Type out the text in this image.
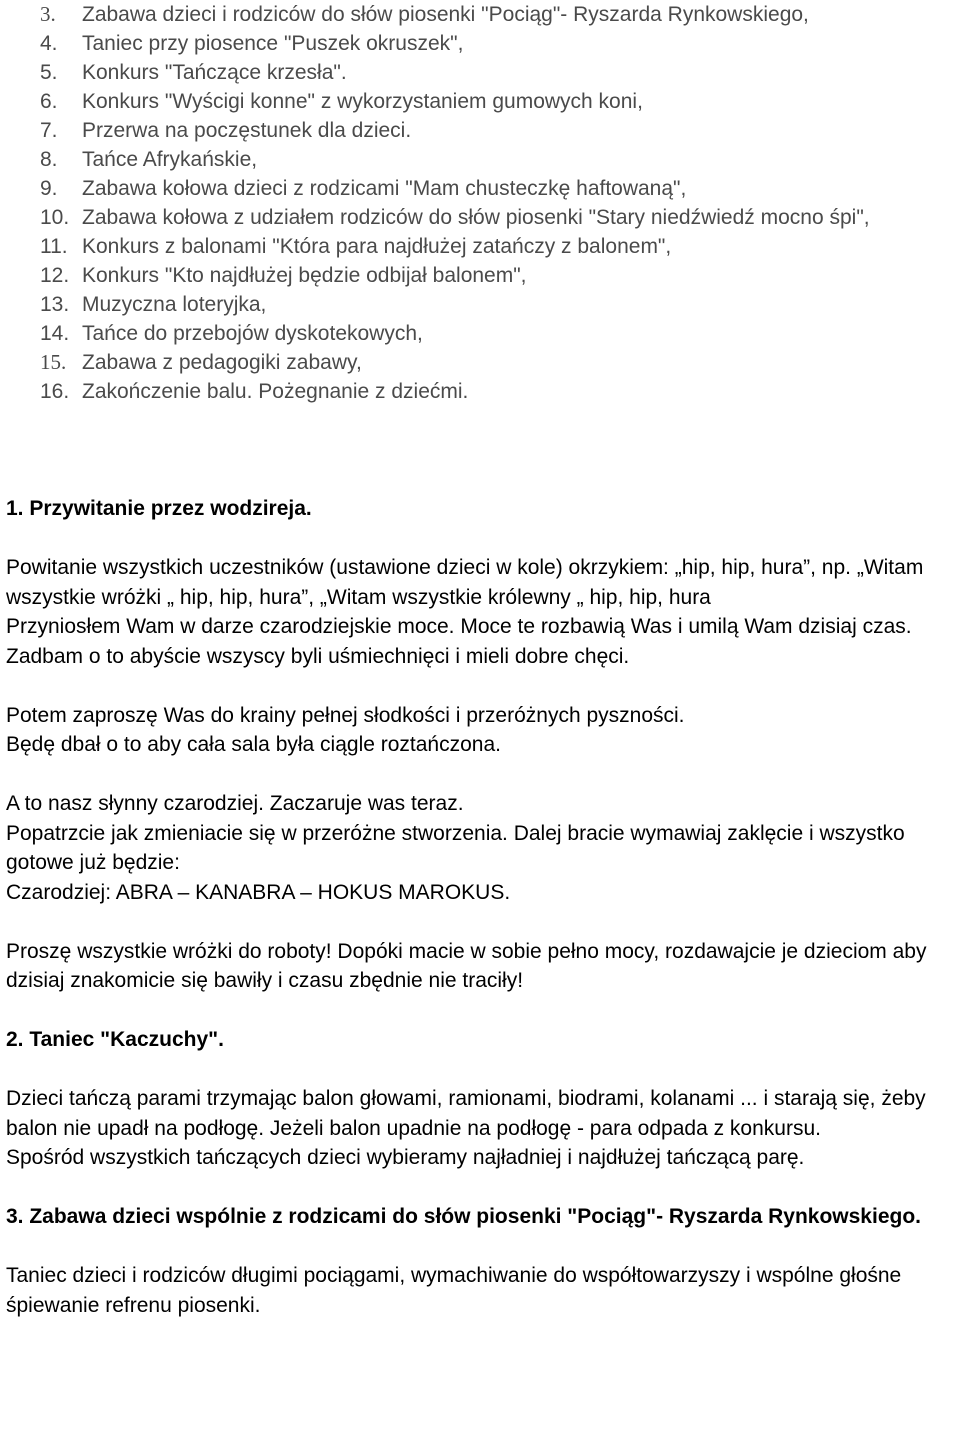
3. Zabawa dzieci i rodziców do słów piosenki "Pociąg"- Ryszarda Rynkowskiego,
4. Taniec przy piosence "Puszek okruszek",
5. Konkurs "Tańczące krzesła".
6. Konkurs "Wyścigi konne" z wykorzystaniem gumowych koni,
7. Przerwa na poczęstunek dla dzieci.
8. Tańce Afrykańskie,
9. Zabawa kołowa dzieci z rodzicami "Mam chusteczkę haftowaną",
10. Zabawa kołowa z udziałem rodziców do słów piosenki "Stary niedźwiedź mocno śpi",
11. Konkurs z balonami "Która para najdłużej zatańczy z balonem",
12. Konkurs "Kto najdłużej będzie odbijał balonem",
13. Muzyczna loteryjka,
14. Tańce do przebojów dyskotekowych,
15. Zabawa z pedagogiki zabawy,
16. Zakończenie balu. Pożegnanie z dziećmi.
1. Przywitanie przez wodzireja.

Powitanie wszystkich uczestników (ustawione dzieci w kole) okrzykiem: „hip, hip, hura”, np. „Witam wszystkie wróżki „ hip, hip, hura”, „Witam wszystkie królewny „ hip, hip, hura

Przyniosłem Wam w darze czarodziejskie moce. Moce te rozbawią Was i umilą Wam dzisiaj czas. Zadbam o to abyście wszyscy byli uśmiechnięci i mieli dobre chęci.

Potem zaproszę Was do krainy pełnej słodkości i przeróżnych pyszności.

Będę dbał o to aby cała sala była ciągle roztańczona.

A to nasz słynny czarodziej. Zaczaruje was teraz.

Popatrzcie jak zmieniacie się w przeróżne stworzenia. Dalej bracie wymawiaj zaklęcie i wszystko gotowe już będzie:

Czarodziej: ABRA – KANABRA – HOKUS MAROKUS.

Proszę wszystkie wróżki do roboty! Dopóki macie w sobie pełno mocy, rozdawajcie je dzieciom aby dzisiaj znakomicie się bawiły i czasu zbędnie nie traciły!

2. Taniec "Kaczuchy".

Dzieci tańczą parami trzymając balon głowami, ramionami, biodrami, kolanami ... i starają się, żeby balon nie upadł na podłogę. Jeżeli balon upadnie na podłogę - para odpada z konkursu.

Spośród wszystkich tańczących dzieci wybieramy najładniej i najdłużej tańczącą parę.

3. Zabawa dzieci wspólnie z rodzicami do słów piosenki "Pociąg"- Ryszarda Rynkowskiego.

Taniec dzieci i rodziców długimi pociągami, wymachiwanie do współtowarzyszy i wspólne głośne śpiewanie refrenu piosenki.
